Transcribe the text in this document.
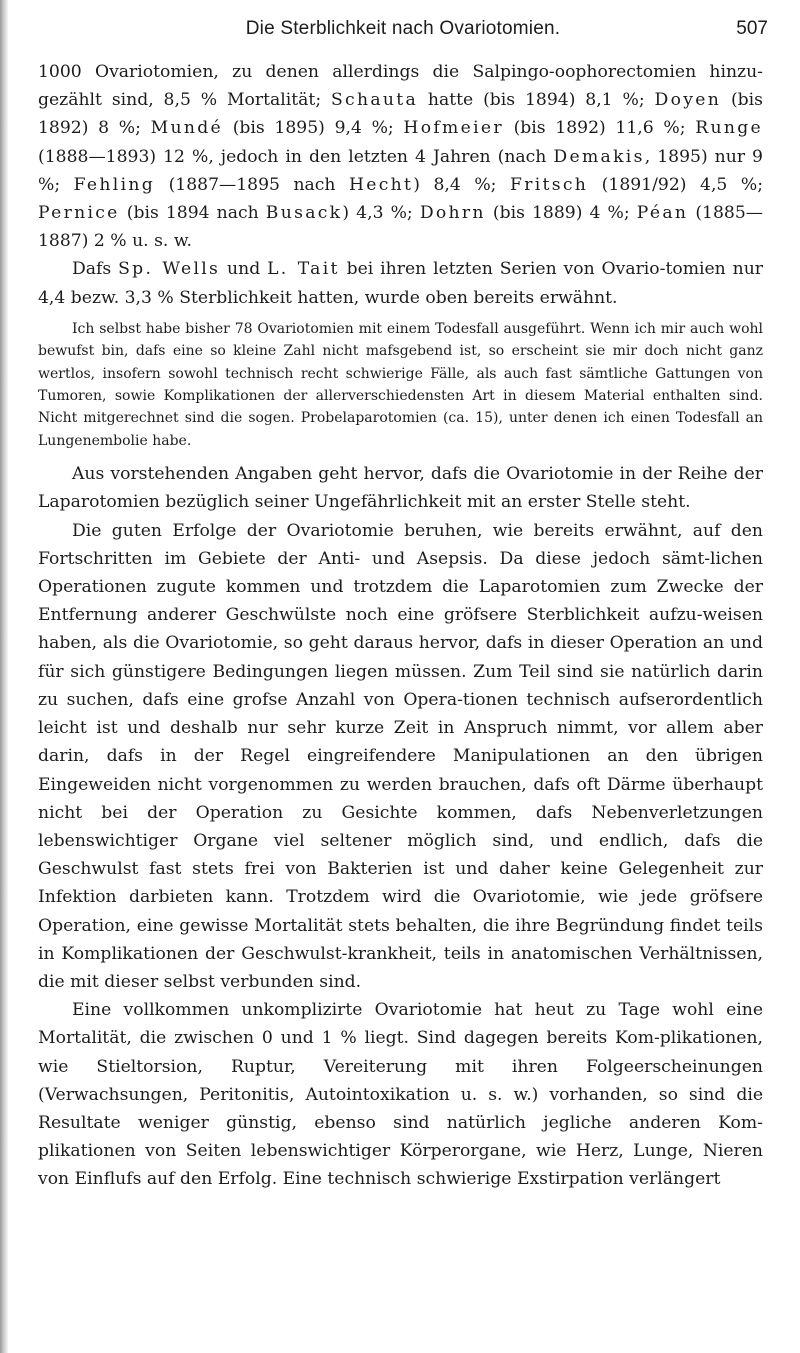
Die Sterblichkeit nach Ovariotomien.	507

1000 Ovariotomien, zu denen allerdings die Salpingo-oophorectomien hinzu-gezählt sind, 8,5 % Mortalität; Schauta hatte (bis 1894) 8,1 %; Doyen (bis 1892) 8 %; Mundé (bis 1895) 9,4 %; Hofmeier (bis 1892) 11,6 %; Runge (1888—1893) 12 %, jedoch in den letzten 4 Jahren (nach Demakis, 1895) nur 9 %; Fehling (1887—1895 nach Hecht) 8,4 %; Fritsch (1891/92) 4,5 %; Pernice (bis 1894 nach Busack) 4,3 %; Dohrn (bis 1889) 4 %; Péan (1885—1887) 2 % u. s. w.

Dafs Sp. Wells und L. Tait bei ihren letzten Serien von Ovario-tomien nur 4,4 bezw. 3,3 % Sterblichkeit hatten, wurde oben bereits erwähnt.

Ich selbst habe bisher 78 Ovariotomien mit einem Todesfall ausgeführt. Wenn ich mir auch wohl bewufst bin, dafs eine so kleine Zahl nicht mafsgebend ist, so erscheint sie mir doch nicht ganz wertlos, insofern sowohl technisch recht schwierige Fälle, als auch fast sämtliche Gattungen von Tumoren, sowie Komplikationen der allerverschiedensten Art in diesem Material enthalten sind. Nicht mitgerechnet sind die sogen. Probelaparotomien (ca. 15), unter denen ich einen Todesfall an Lungenembolie habe.

Aus vorstehenden Angaben geht hervor, dafs die Ovariotomie in der Reihe der Laparotomien bezüglich seiner Ungefährlichkeit mit an erster Stelle steht.

Die guten Erfolge der Ovariotomie beruhen, wie bereits erwähnt, auf den Fortschritten im Gebiete der Anti- und Asepsis. Da diese jedoch sämt-lichen Operationen zugute kommen und trotzdem die Laparotomien zum Zwecke der Entfernung anderer Geschwülste noch eine gröfsere Sterblichkeit aufzu-weisen haben, als die Ovariotomie, so geht daraus hervor, dafs in dieser Operation an und für sich günstigere Bedingungen liegen müssen. Zum Teil sind sie natürlich darin zu suchen, dafs eine grofse Anzahl von Opera-tionen technisch aufserordentlich leicht ist und deshalb nur sehr kurze Zeit in Anspruch nimmt, vor allem aber darin, dafs in der Regel eingreifendere Manipulationen an den übrigen Eingeweiden nicht vorgenommen zu werden brauchen, dafs oft Därme überhaupt nicht bei der Operation zu Gesichte kommen, dafs Nebenverletzungen lebenswichtiger Organe viel seltener möglich sind, und endlich, dafs die Geschwulst fast stets frei von Bakterien ist und daher keine Gelegenheit zur Infektion darbieten kann. Trotzdem wird die Ovariotomie, wie jede gröfsere Operation, eine gewisse Mortalität stets behalten, die ihre Begründung findet teils in Komplikationen der Geschwulst-krankheit, teils in anatomischen Verhältnissen, die mit dieser selbst verbunden sind.

Eine vollkommen unkomplizirte Ovariotomie hat heut zu Tage wohl eine Mortalität, die zwischen 0 und 1 % liegt. Sind dagegen bereits Kom-plikationen, wie Stieltorsion, Ruptur, Vereiterung mit ihren Folgeerscheinungen (Verwachsungen, Peritonitis, Autointoxikation u. s. w.) vorhanden, so sind die Resultate weniger günstig, ebenso sind natürlich jegliche anderen Kom-plikationen von Seiten lebenswichtiger Körperorgane, wie Herz, Lunge, Nieren von Einflufs auf den Erfolg. Eine technisch schwierige Exstirpation verlängert
